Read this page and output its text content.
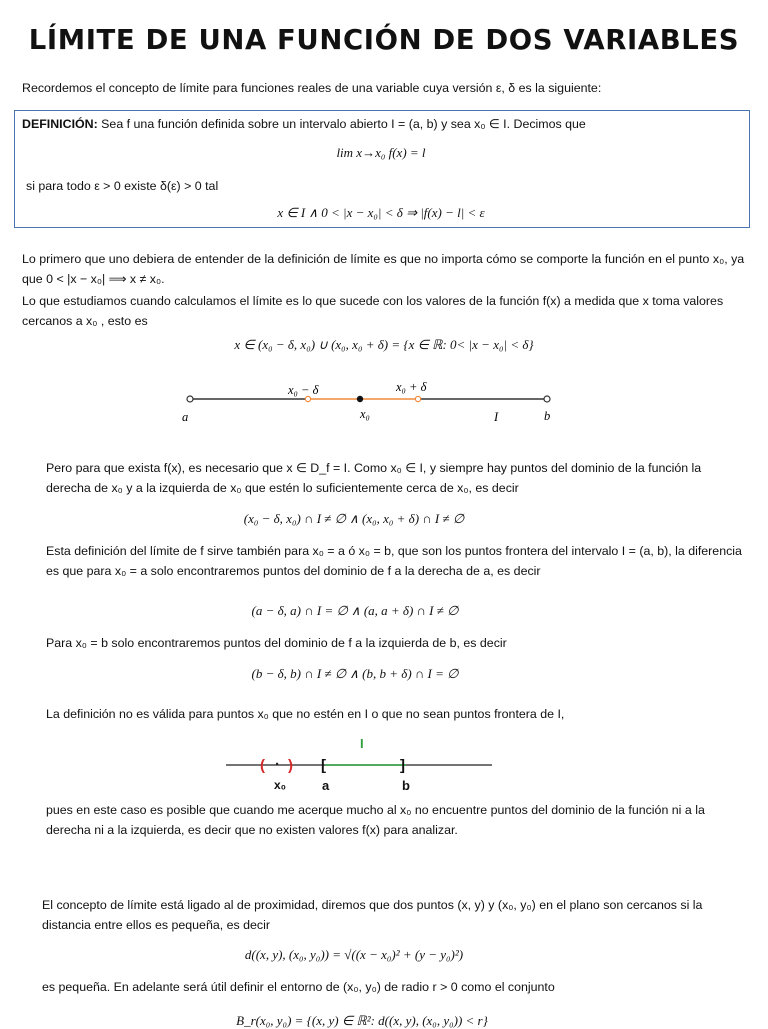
LÍMITE DE UNA FUNCIÓN DE DOS VARIABLES
Recordemos el concepto de límite para funciones reales de una variable cuya versión ε, δ es la siguiente:
DEFINICIÓN: Sea f una función definida sobre un intervalo abierto I = (a, b) y sea x₀ ∈ I. Decimos que
lim x→x₀ f(x) = l
si para todo ε > 0 existe δ(ε) > 0 tal
x ∈ I ∧ 0 < |x − x₀| < δ ⇒ |f(x) − l| < ε
Lo primero que uno debiera de entender de la definición de límite es que no importa cómo se comporte la función en el punto x₀, ya que 0 < |x − x₀| ⟹ x ≠ x₀.
Lo que estudiamos cuando calculamos el límite es lo que sucede con los valores de la función f(x) a medida que x toma valores cercanos a x₀ , esto es
x ∈ (x₀ − δ, x₀) ∪ (x₀, x₀ + δ) = {x ∈ ℝ: 0< |x − x₀| < δ}
x₀ − δ	x₀ + δ
a	x₀	I	b
Pero para que exista f(x), es necesario que x ∈ D_f = I. Como x₀ ∈ I, y siempre hay puntos del dominio de la función la derecha de x₀ y a la izquierda de x₀ que estén lo suficientemente cerca de x₀, es decir
(x₀ − δ, x₀) ∩ I ≠ ∅ ∧ (x₀, x₀ + δ) ∩ I ≠ ∅
Esta definición del límite de f sirve también para x₀ = a ó x₀ = b, que son los puntos frontera del intervalo I = (a, b), la diferencia es que para x₀ = a solo encontraremos puntos del dominio de f a la derecha de a, es decir
(a − δ, a) ∩ I = ∅ ∧ (a, a + δ) ∩ I ≠ ∅
Para x₀ = b solo encontraremos puntos del dominio de f a la izquierda de b, es decir
(b − δ, b) ∩ I ≠ ∅ ∧ (b, b + δ) ∩ I = ∅
La definición no es válida para puntos x₀ que no estén en I o que no sean puntos frontera de I,
I
( · ) [	]
x₀	a	b
pues en este caso es posible que cuando me acerque mucho al x₀ no encuentre puntos del dominio de la función ni a la derecha ni a la izquierda, es decir que no existen valores f(x) para analizar.
El concepto de límite está ligado al de proximidad, diremos que dos puntos (x, y) y (x₀, y₀) en el plano son cercanos si la distancia entre ellos es pequeña, es decir
d((x, y), (x₀, y₀)) = √((x − x₀)² + (y − y₀)²)
es pequeña. En adelante será útil definir el entorno de (x₀, y₀) de radio r > 0 como el conjunto
B_r(x₀, y₀) = {(x, y) ∈ ℝ²: d((x, y), (x₀, y₀)) < r}
